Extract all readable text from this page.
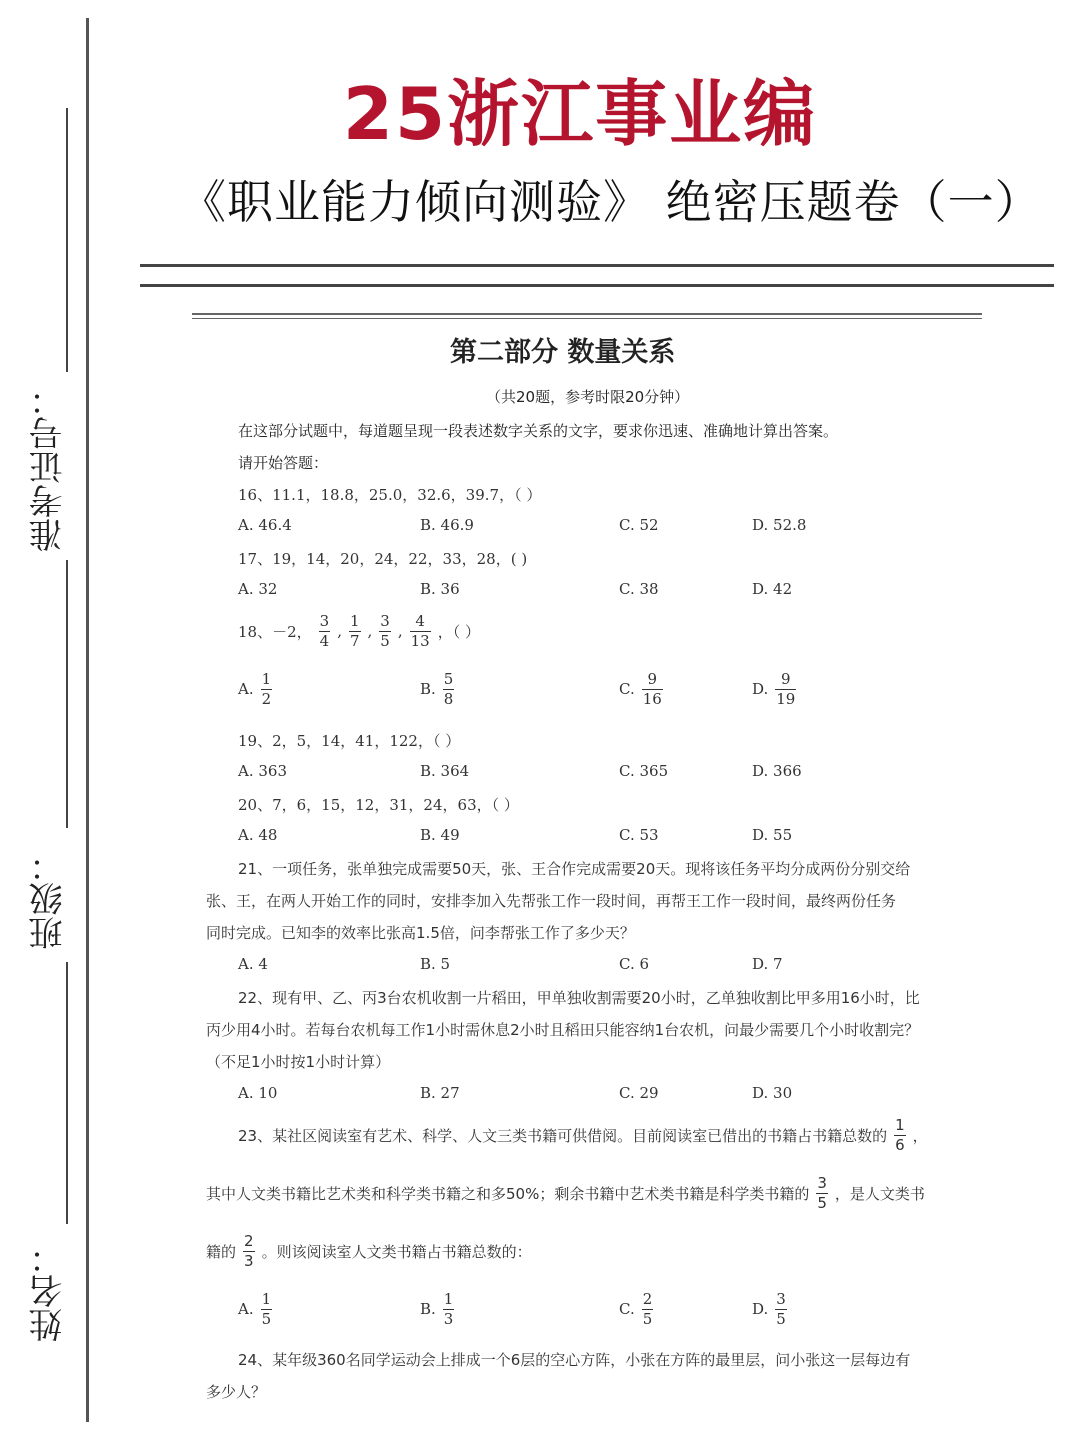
准考证号：
班级：
姓名：
25浙江事业编
《职业能力倾向测验》 绝密压题卷（一）
第二部分 数量关系
（共20题，参考时限20分钟）
在这部分试题中，每道题呈现一段表述数字关系的文字，要求你迅速、准确地计算出答案。
请开始答题：
16、11.1，18.8，25.0，32.6，39.7，（ ）
A. 46.4	B. 46.9	C. 52	D. 52.8
17、19，14，20，24，22，33，28，( )
A. 32	B. 36	C. 38	D. 42
18、－2， $\frac{3}{4}$ , $\frac{1}{7}$ , $\frac{3}{5}$ , $\frac{4}{13}$ ，（ ）
A. $\frac{1}{2}$	B. $\frac{5}{8}$	C. $\frac{9}{16}$	D. $\frac{9}{19}$
19、2，5，14，41，122，（ ）
A. 363	B. 364	C. 365	D. 366
20、7，6，15，12，31，24，63，（ ）
A. 48	B. 49	C. 53	D. 55
21、一项任务，张单独完成需要50天，张、王合作完成需要20天。现将该任务平均分成两份分别交给
张、王，在两人开始工作的同时，安排李加入先帮张工作一段时间，再帮王工作一段时间，最终两份任务
同时完成。已知李的效率比张高1.5倍，问李帮张工作了多少天？
A. 4	B. 5	C. 6	D. 7
22、现有甲、乙、丙3台农机收割一片稻田，甲单独收割需要20小时，乙单独收割比甲多用16小时，比
丙少用4小时。若每台农机每工作1小时需休息2小时且稻田只能容纳1台农机，问最少需要几个小时收割完？
（不足1小时按1小时计算）
A. 10	B. 27	C. 29	D. 30
23、某社区阅读室有艺术、科学、人文三类书籍可供借阅。目前阅读室已借出的书籍占书籍总数的 $\frac{1}{6}$ ，
其中人文类书籍比艺术类和科学类书籍之和多50%；剩余书籍中艺术类书籍是科学类书籍的 $\frac{3}{5}$ ，是人文类书
籍的 $\frac{2}{3}$ 。则该阅读室人文类书籍占书籍总数的：
A. $\frac{1}{5}$	B. $\frac{1}{3}$	C. $\frac{2}{5}$	D. $\frac{3}{5}$
24、某年级360名同学运动会上排成一个6层的空心方阵，小张在方阵的最里层，问小张这一层每边有
多少人？
